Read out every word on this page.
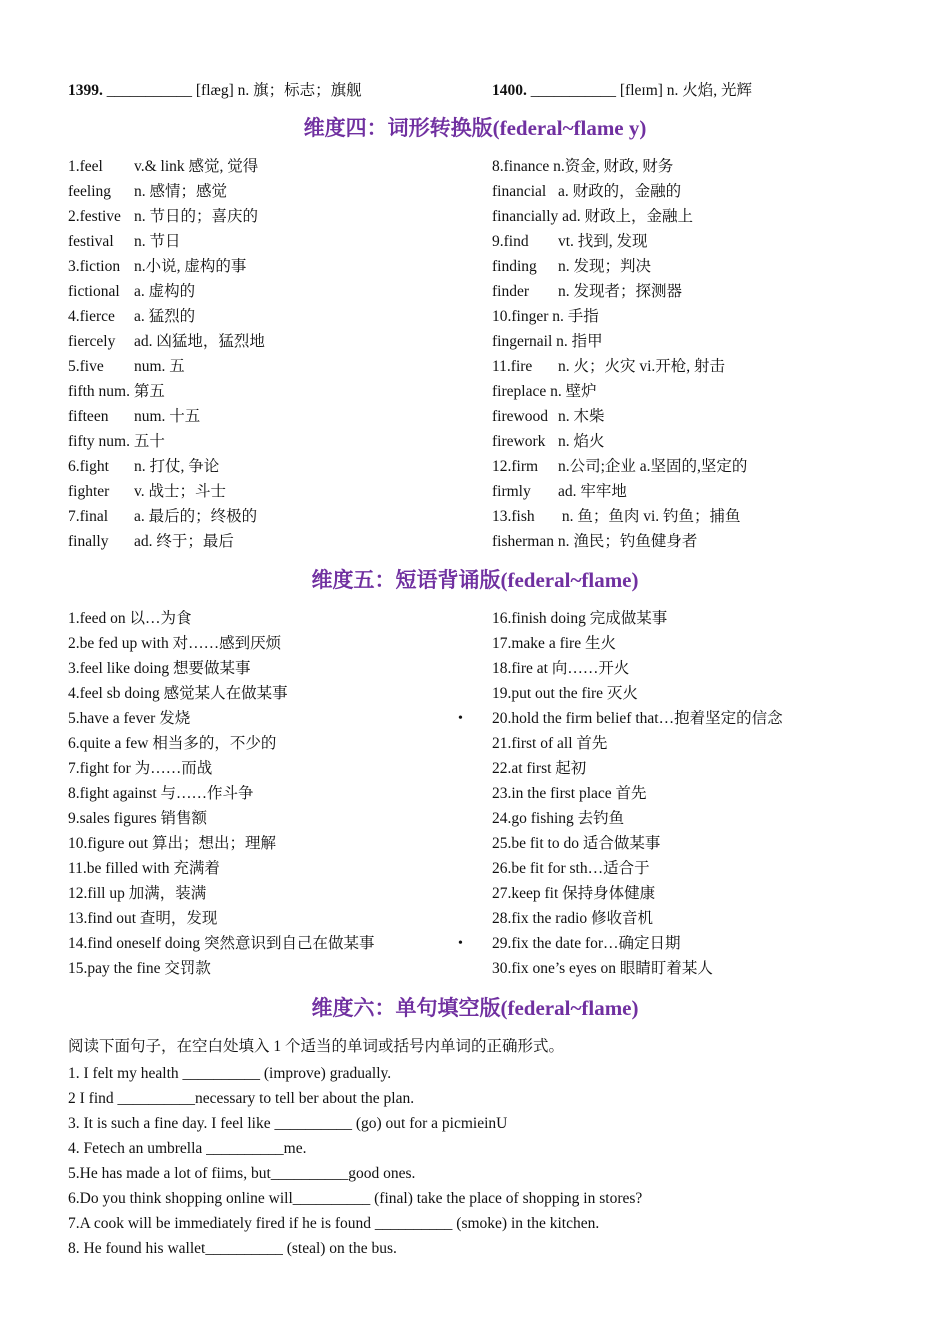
1399. ___________ [flæg] n. 旗；标志；旗舰	1400. ___________ [fleɪm] n. 火焰, 光辉
维度四：词形转换版(federal~flame y)
1.feel v.& link 感觉, 觉得
feeling n. 感情；感觉
2.festive n. 节日的；喜庆的
festival n. 节日
3.fiction n.小说, 虚构的事
fictional a. 虚构的
4.fierce a. 猛烈的
fiercely ad. 凶猛地，猛烈地
5.five num. 五
fifth num. 第五
fifteen num. 十五
fifty num. 五十
6.fight n. 打仗, 争论
fighter v. 战士；斗士
7.final a. 最后的；终极的
finally ad. 终于；最后
8.finance n.资金, 财政, 财务
financial a. 财政的，金融的
financially ad. 财政上，金融上
9.find vt. 找到, 发现
finding n. 发现；判决
finder n. 发现者；探测器
10.finger n. 手指
fingernail n. 指甲
11.fire n. 火；火灾 vi.开枪, 射击
fireplace n. 壁炉
firewood n. 木柴
firework n. 焰火
12.firm n.公司;企业 a.坚固的,坚定的
firmly ad. 牢牢地
13.fish n. 鱼；鱼肉 vi. 钓鱼；捕鱼
fisherman n. 渔民；钓鱼健身者
维度五：短语背诵版(federal~flame)
1.feed on 以…为食
2.be fed up with 对……感到厌烦
3.feel like doing 想要做某事
4.feel sb doing 感觉某人在做某事
5.have a fever 发烧
6.quite a few 相当多的，不少的
7.fight for 为……而战
8.fight against 与……作斗争
9.sales figures 销售额
10.figure out 算出；想出；理解
11.be filled with 充满着
12.fill up 加满，装满
13.find out 查明，发现
14.find oneself doing 突然意识到自己在做某事
15.pay the fine 交罚款
16.finish doing 完成做某事
17.make a fire 生火
18.fire at 向……开火
19.put out the fire 灭火
• 20.hold the firm belief that…抱着坚定的信念
21.first of all 首先
22.at first 起初
23.in the first place 首先
24.go fishing 去钓鱼
25.be fit to do 适合做某事
26.be fit for sth…适合于
27.keep fit 保持身体健康
28.fix the radio 修收音机
• 29.fix the date for…确定日期
30.fix one’s eyes on 眼睛盯着某人
维度六：单句填空版(federal~flame)
阅读下面句子，在空白处填入 1 个适当的单词或括号内单词的正确形式。
1. I felt my health __________ (improve) gradually.
2 I find __________necessary to tell ber about the plan.
3. It is such a fine day. I feel like __________ (go) out for a picmieinU
4. Fetech an umbrella __________me.
5.He has made a lot of fiims, but__________good ones.
6.Do you think shopping online will__________ (final) take the place of shopping in stores?
7.A cook will be immediately fired if he is found __________ (smoke) in the kitchen.
8. He found his wallet__________ (steal) on the bus.
